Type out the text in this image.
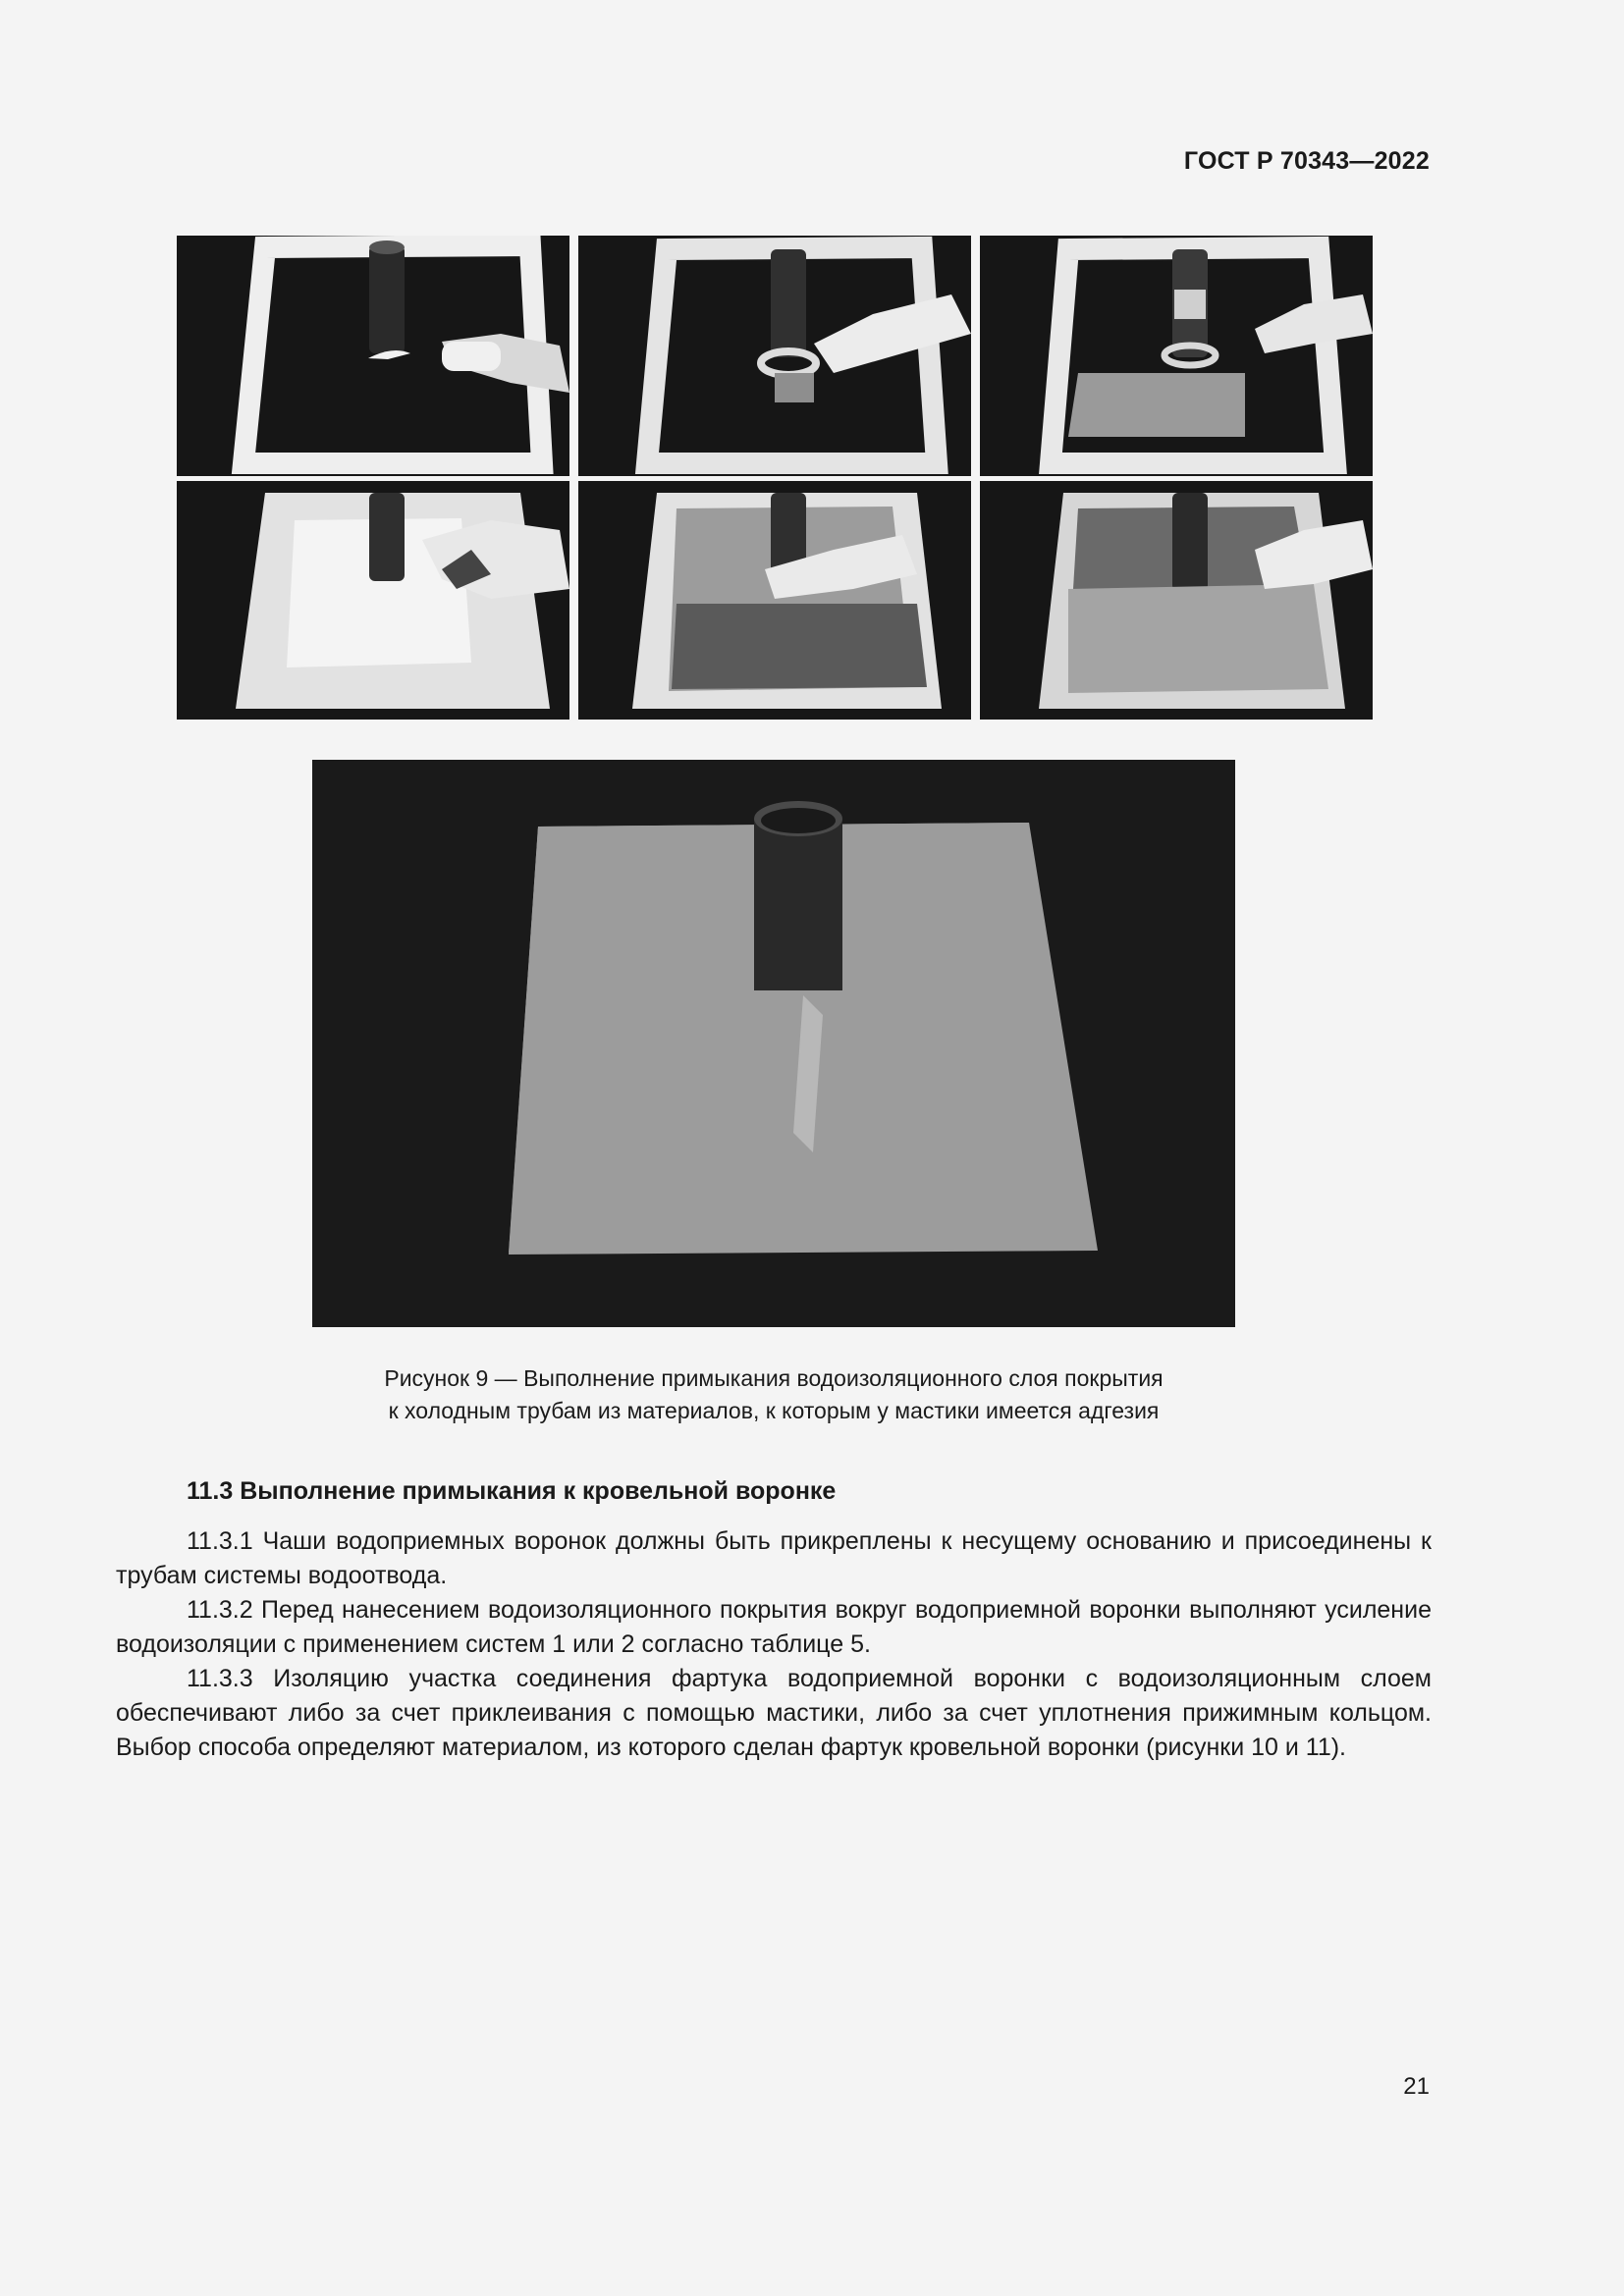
ГОСТ Р 70343—2022
Рисунок 9 — Выполнение примыкания водоизоляционного слоя покрытия
к холодным трубам из материалов, к которым у мастики имеется адгезия
11.3 Выполнение примыкания к кровельной воронке

11.3.1 Чаши водоприемных воронок должны быть прикреплены к несущему основанию и присоединены к трубам системы водоотвода.

11.3.2 Перед нанесением водоизоляционного покрытия вокруг водоприемной воронки выполняют усиление водоизоляции с применением систем 1 или 2 согласно таблице 5.

11.3.3 Изоляцию участка соединения фартука водоприемной воронки с водоизоляционным слоем обеспечивают либо за счет приклеивания с помощью мастики, либо за счет уплотнения прижимным кольцом. Выбор способа определяют материалом, из которого сделан фартук кровельной воронки (рисунки 10 и 11).

21
